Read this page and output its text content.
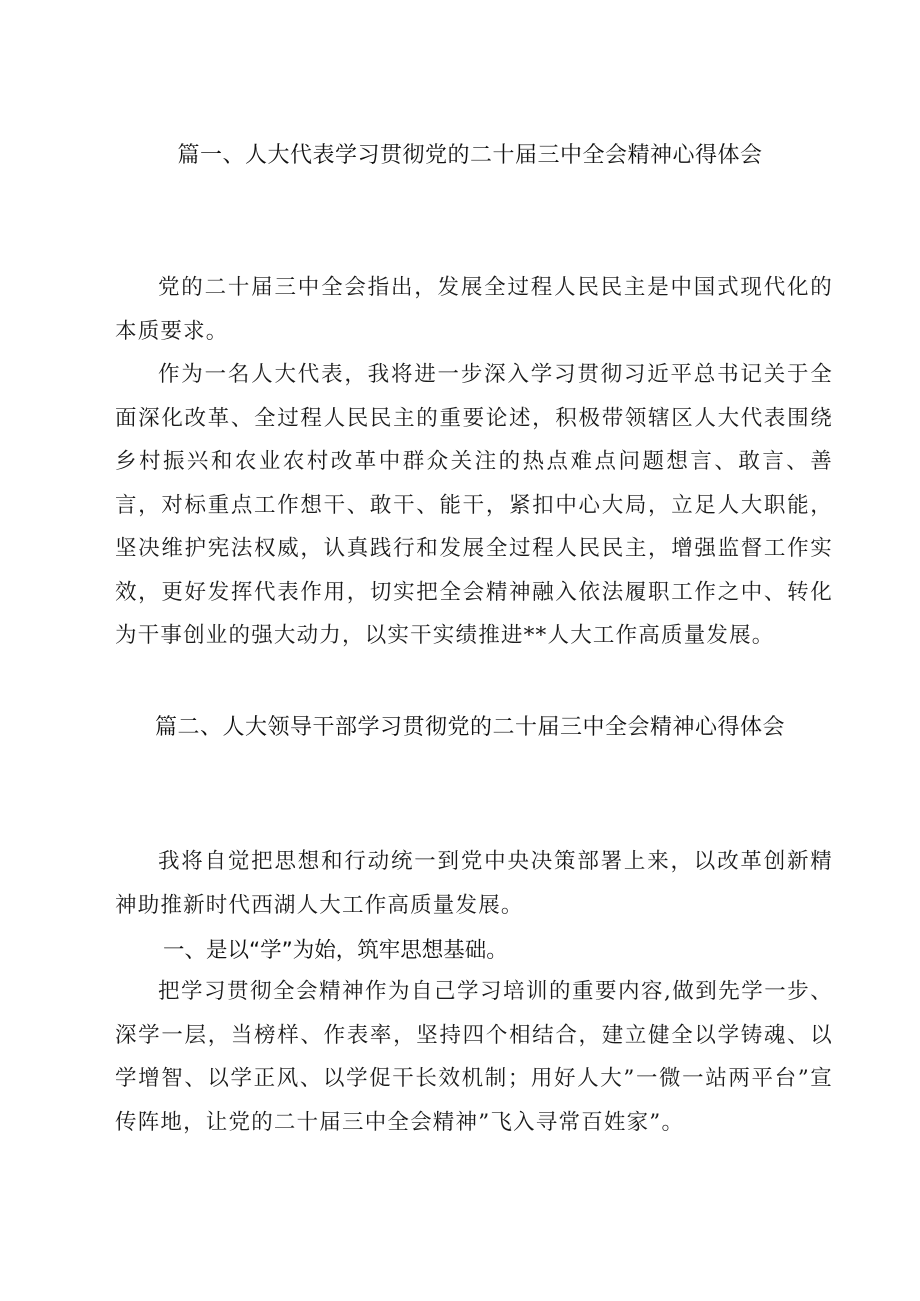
篇一、人大代表学习贯彻党的二十届三中全会精神心得体会

党的二十届三中全会指出，发展全过程人民民主是中国式现代化的本质要求。

作为一名人大代表，我将进一步深入学习贯彻习近平总书记关于全面深化改革、全过程人民民主的重要论述，积极带领辖区人大代表围绕乡村振兴和农业农村改革中群众关注的热点难点问题想言、敢言、善言，对标重点工作想干、敢干、能干，紧扣中心大局，立足人大职能，坚决维护宪法权威，认真践行和发展全过程人民民主，增强监督工作实效，更好发挥代表作用，切实把全会精神融入依法履职工作之中、转化为干事创业的强大动力，以实干实绩推进**人大工作高质量发展。

篇二、人大领导干部学习贯彻党的二十届三中全会精神心得体会

我将自觉把思想和行动统一到党中央决策部署上来，以改革创新精神助推新时代西湖人大工作高质量发展。

一、是以“学”为始，筑牢思想基础。

把学习贯彻全会精神作为自己学习培训的重要内容,做到先学一步、深学一层，当榜样、作表率，坚持四个相结合，建立健全以学铸魂、以学增智、以学正风、以学促干长效机制；用好人大”一微一站两平台”宣传阵地，让党的二十届三中全会精神”飞入寻常百姓家”。
